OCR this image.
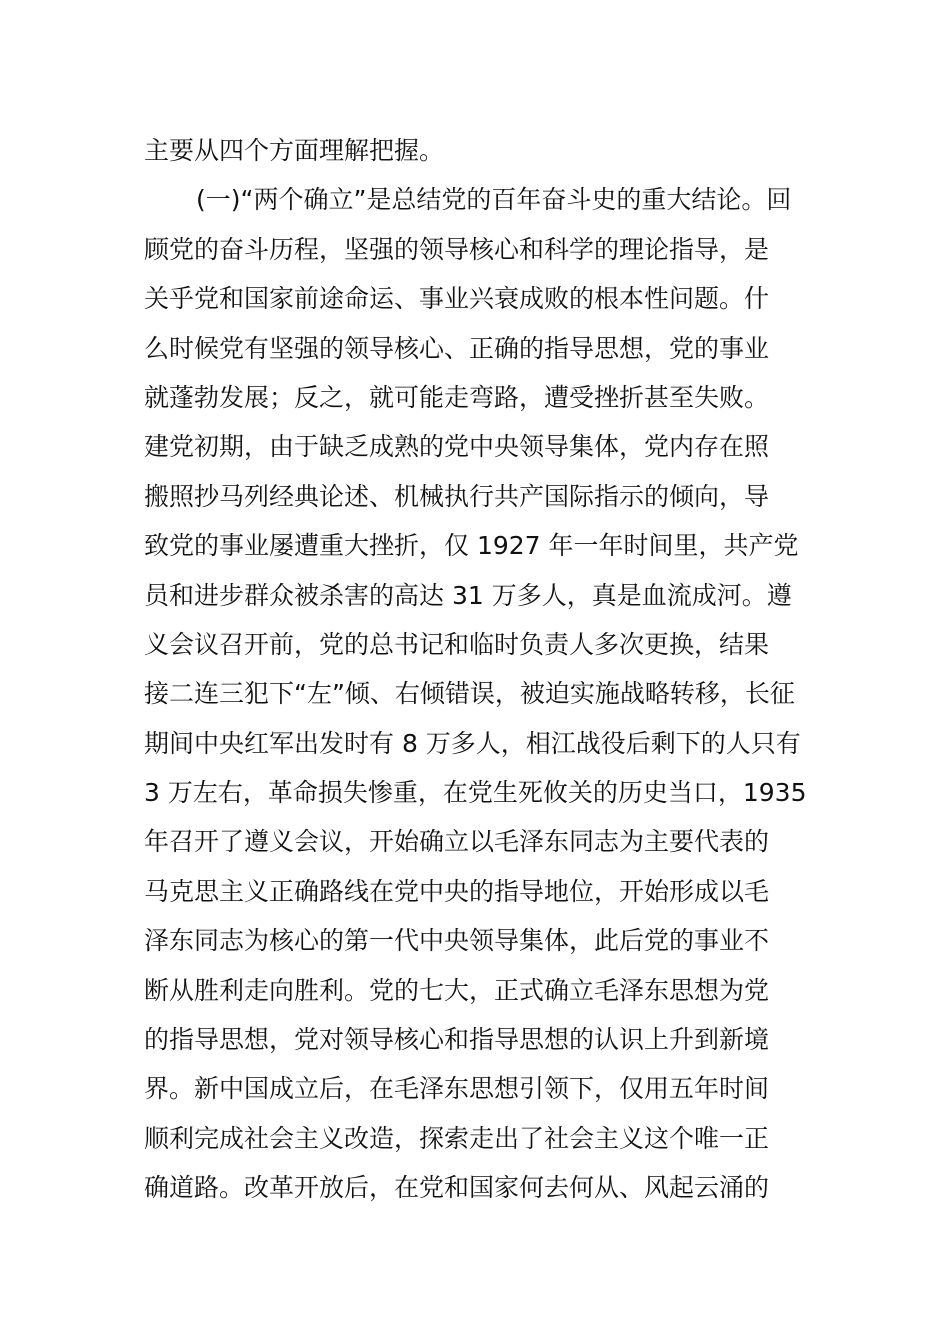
主要从四个方面理解把握。
(一)“两个确立”是总结党的百年奋斗史的重大结论。回
顾党的奋斗历程，坚强的领导核心和科学的理论指导，是
关乎党和国家前途命运、事业兴衰成败的根本性问题。什
么时候党有坚强的领导核心、正确的指导思想，党的事业
就蓬勃发展；反之，就可能走弯路，遭受挫折甚至失败。
建党初期，由于缺乏成熟的党中央领导集体，党内存在照
搬照抄马列经典论述、机械执行共产国际指示的倾向，导
致党的事业屡遭重大挫折，仅 1927 年一年时间里，共产党
员和进步群众被杀害的高达 31 万多人，真是血流成河。遵
义会议召开前，党的总书记和临时负责人多次更换，结果
接二连三犯下“左”倾、右倾错误，被迫实施战略转移，长征
期间中央红军出发时有 8 万多人，相江战役后剩下的人只有
3 万左右，革命损失惨重，在党生死攸关的历史当口，1935
年召开了遵义会议，开始确立以毛泽东同志为主要代表的
马克思主义正确路线在党中央的指导地位，开始形成以毛
泽东同志为核心的第一代中央领导集体，此后党的事业不
断从胜利走向胜利。党的七大，正式确立毛泽东思想为党
的指导思想，党对领导核心和指导思想的认识上升到新境
界。新中国成立后，在毛泽东思想引领下，仅用五年时间
顺利完成社会主义改造，探索走出了社会主义这个唯一正
确道路。改革开放后，在党和国家何去何从、风起云涌的
